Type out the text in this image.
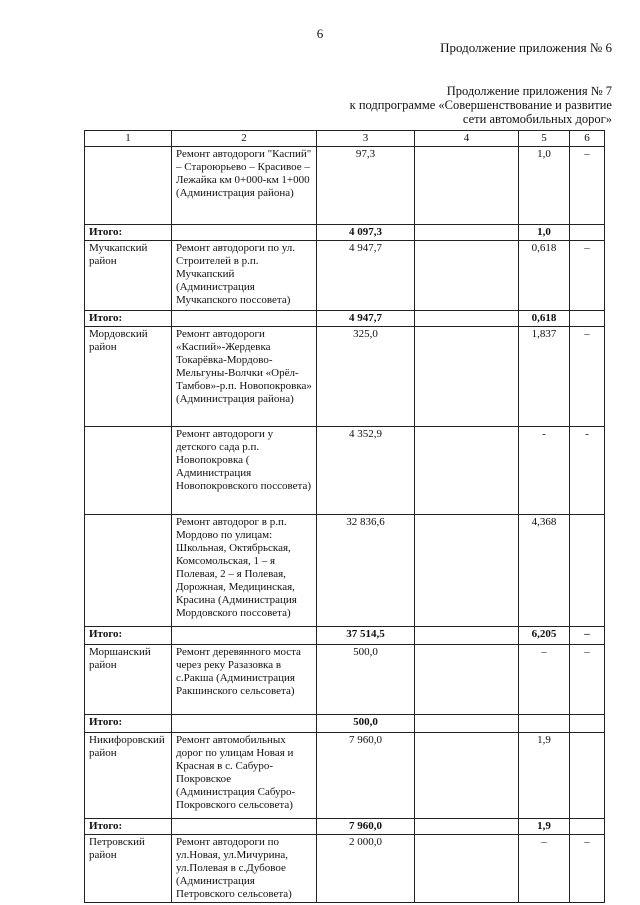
6
Продолжение приложения № 6
Продолжение приложения № 7
к подпрограмме «Совершенствование и развитие
сети автомобильных дорог»
1	2	3	4	5	6
	Ремонт автодороги "Каспий" – Староюрьево – Красивое – Лежайка км 0+000-км 1+000 (Администрация района)	97,3		1,0	–
Итого:		4 097,3		1,0	
Мучкапский район	Ремонт автодороги по ул. Строителей в р.п. Мучкапский (Администрация Мучкапского поссовета)	4 947,7		0,618	–
Итого:		4 947,7		0,618	
Мордовский район	Ремонт автодороги «Каспий»-Жердевка Токарёвка-Мордово-Мельгуны-Волчки «Орёл-Тамбов»-р.п. Новопокровка» (Администрация района)	325,0		1,837	–
	Ремонт автодороги у детского сада р.п. Новопокровка ( Администрация Новопокровского поссовета)	4 352,9		-	-
	Ремонт автодорог в р.п. Мордово по улицам: Школьная, Октябрьская, Комсомольская, 1 – я Полевая, 2 – я Полевая, Дорожная, Медицинская, Красина (Администрация Мордовского поссовета)	32 836,6		4,368	
Итого:		37 514,5		6,205	–
Моршанский район	Ремонт деревянного моста через реку Разазовка в с.Ракша (Администрация Ракшинского сельсовета)	500,0		–	–
Итого:		500,0			
Никифоровский район	Ремонт автомобильных дорог по улицам Новая и Красная в с. Сабуро-Покровское (Администрация Сабуро-Покровского сельсовета)	7 960,0		1,9	
Итого:		7 960,0		1,9	
Петровский район	Ремонт автодороги по ул.Новая, ул.Мичурина, ул.Полевая в с.Дубовое (Администрация Петровского сельсовета)	2 000,0		–	–
